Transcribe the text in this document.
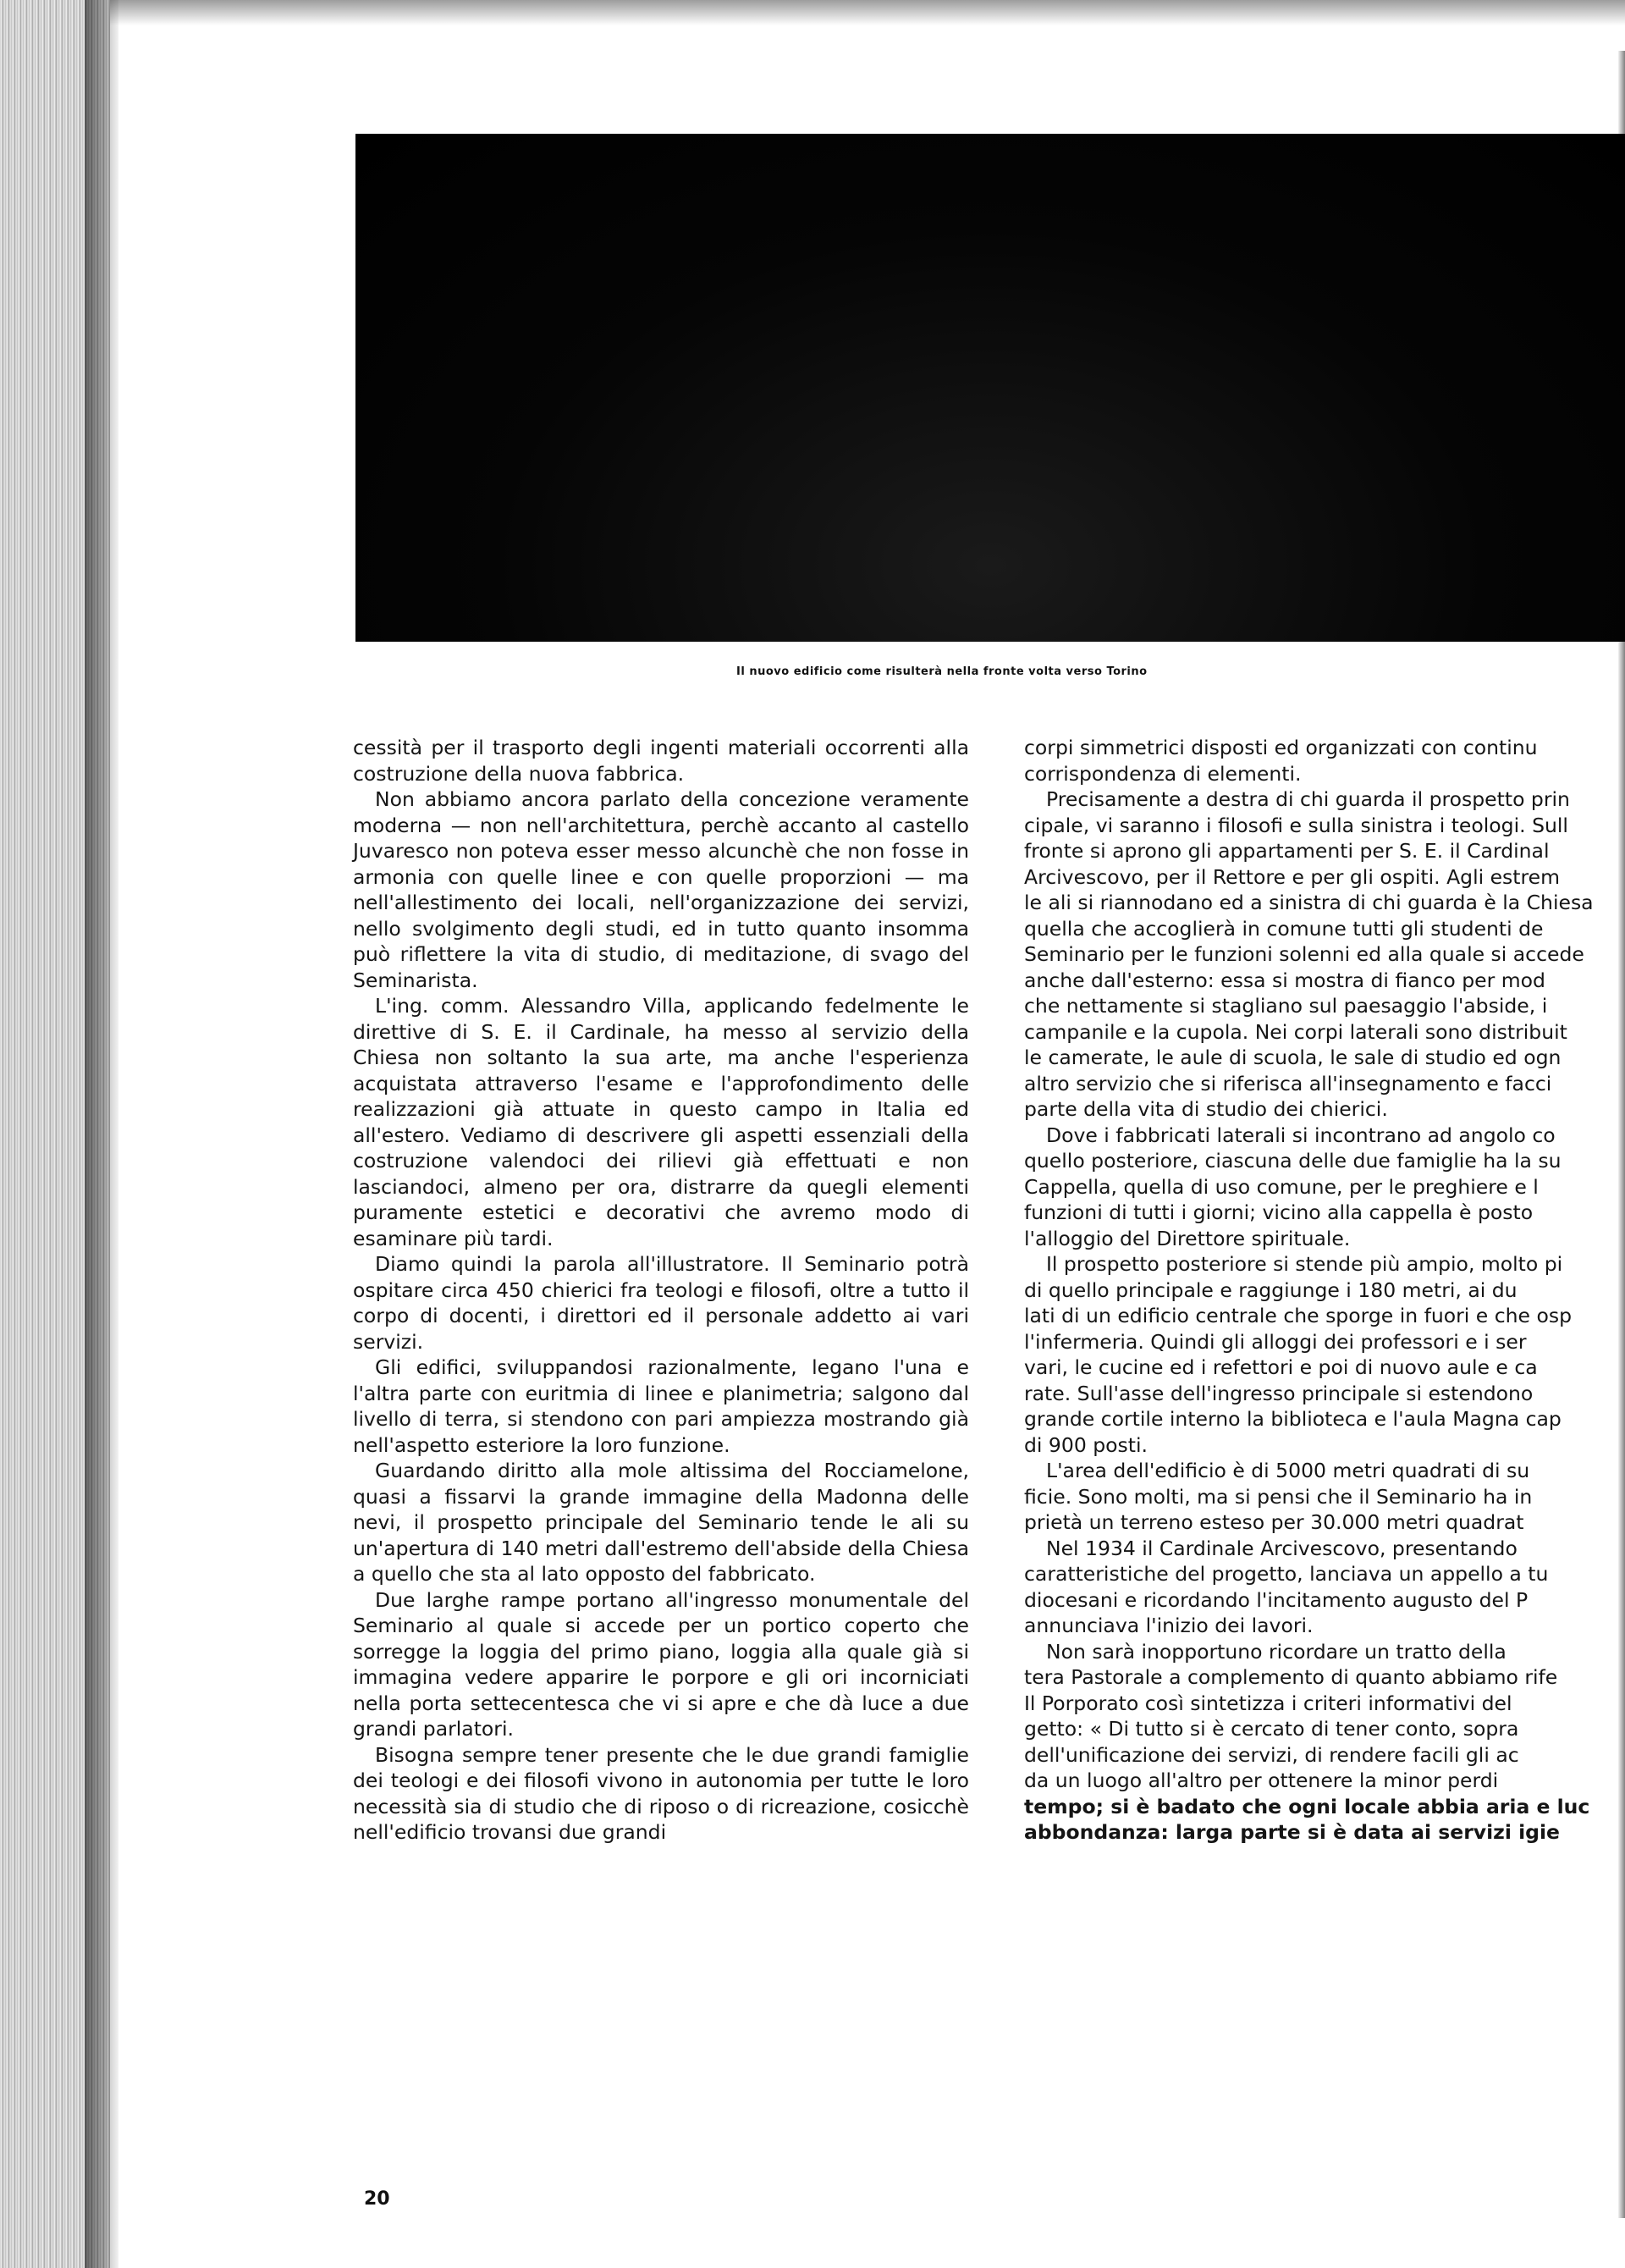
Il nuovo edificio come risulterà nella fronte volta verso Torino

cessità per il trasporto degli ingenti materiali occorrenti alla costruzione della nuova fabbrica.

Non abbiamo ancora parlato della concezione veramente moderna — non nell'architettura, perchè accanto al castello Juvaresco non poteva esser messo alcunchè che non fosse in armonia con quelle linee e con quelle proporzioni — ma nell'allestimento dei locali, nell'organizzazione dei servizi, nello svolgimento degli studi, ed in tutto quanto insomma può riflettere la vita di studio, di meditazione, di svago del Seminarista.

L'ing. comm. Alessandro Villa, applicando fedelmente le direttive di S. E. il Cardinale, ha messo al servizio della Chiesa non soltanto la sua arte, ma anche l'esperienza acquistata attraverso l'esame e l'approfondimento delle realizzazioni già attuate in questo campo in Italia ed all'estero. Vediamo di descrivere gli aspetti essenziali della costruzione valendoci dei rilievi già effettuati e non lasciandoci, almeno per ora, distrarre da quegli elementi puramente estetici e decorativi che avremo modo di esaminare più tardi.

Diamo quindi la parola all'illustratore. Il Seminario potrà ospitare circa 450 chierici fra teologi e filosofi, oltre a tutto il corpo di docenti, i direttori ed il personale addetto ai vari servizi.

Gli edifici, sviluppandosi razionalmente, legano l'una e l'altra parte con euritmia di linee e planimetria; salgono dal livello di terra, si stendono con pari ampiezza mostrando già nell'aspetto esteriore la loro funzione.

Guardando diritto alla mole altissima del Rocciamelone, quasi a fissarvi la grande immagine della Madonna delle nevi, il prospetto principale del Seminario tende le ali su un'apertura di 140 metri dall'estremo dell'abside della Chiesa a quello che sta al lato opposto del fabbricato.

Due larghe rampe portano all'ingresso monumentale del Seminario al quale si accede per un portico coperto che sorregge la loggia del primo piano, loggia alla quale già si immagina vedere apparire le porpore e gli ori incorniciati nella porta settecentesca che vi si apre e che dà luce a due grandi parlatori.

Bisogna sempre tener presente che le due grandi famiglie dei teologi e dei filosofi vivono in autonomia per tutte le loro necessità sia di studio che di riposo o di ricreazione, cosicchè nell'edificio trovansi due grandi

corpi simmetrici disposti ed organizzati con continu

corrispondenza di elementi.

Precisamente a destra di chi guarda il prospetto prin

cipale, vi saranno i filosofi e sulla sinistra i teologi. Sull

fronte si aprono gli appartamenti per S. E. il Cardinal

Arcivescovo, per il Rettore e per gli ospiti. Agli estrem

le ali si riannodano ed a sinistra di chi guarda è la Chiesa

quella che accoglierà in comune tutti gli studenti de

Seminario per le funzioni solenni ed alla quale si accede

anche dall'esterno: essa si mostra di fianco per mod

che nettamente si stagliano sul paesaggio l'abside, i

campanile e la cupola. Nei corpi laterali sono distribuit

le camerate, le aule di scuola, le sale di studio ed ogn

altro servizio che si riferisca all'insegnamento e facci

parte della vita di studio dei chierici.

Dove i fabbricati laterali si incontrano ad angolo co

quello posteriore, ciascuna delle due famiglie ha la su

Cappella, quella di uso comune, per le preghiere e l

funzioni di tutti i giorni; vicino alla cappella è posto

l'alloggio del Direttore spirituale.

Il prospetto posteriore si stende più ampio, molto pi

di quello principale e raggiunge i 180 metri, ai du

lati di un edificio centrale che sporge in fuori e che osp

l'infermeria. Quindi gli alloggi dei professori e i ser

vari, le cucine ed i refettori e poi di nuovo aule e ca

rate. Sull'asse dell'ingresso principale si estendono

grande cortile interno la biblioteca e l'aula Magna cap

di 900 posti.

L'area dell'edificio è di 5000 metri quadrati di su

ficie. Sono molti, ma si pensi che il Seminario ha in

prietà un terreno esteso per 30.000 metri quadrat

Nel 1934 il Cardinale Arcivescovo, presentando

caratteristiche del progetto, lanciava un appello a tu

diocesani e ricordando l'incitamento augusto del P

annunciava l'inizio dei lavori.

Non sarà inopportuno ricordare un tratto della

tera Pastorale a complemento di quanto abbiamo rife

Il Porporato così sintetizza i criteri informativi del

getto: « Di tutto si è cercato di tener conto, sopra

dell'unificazione dei servizi, di rendere facili gli ac

da un luogo all'altro per ottenere la minor perdi

tempo; si è badato che ogni locale abbia aria e luc

abbondanza: larga parte si è data ai servizi igie

20
